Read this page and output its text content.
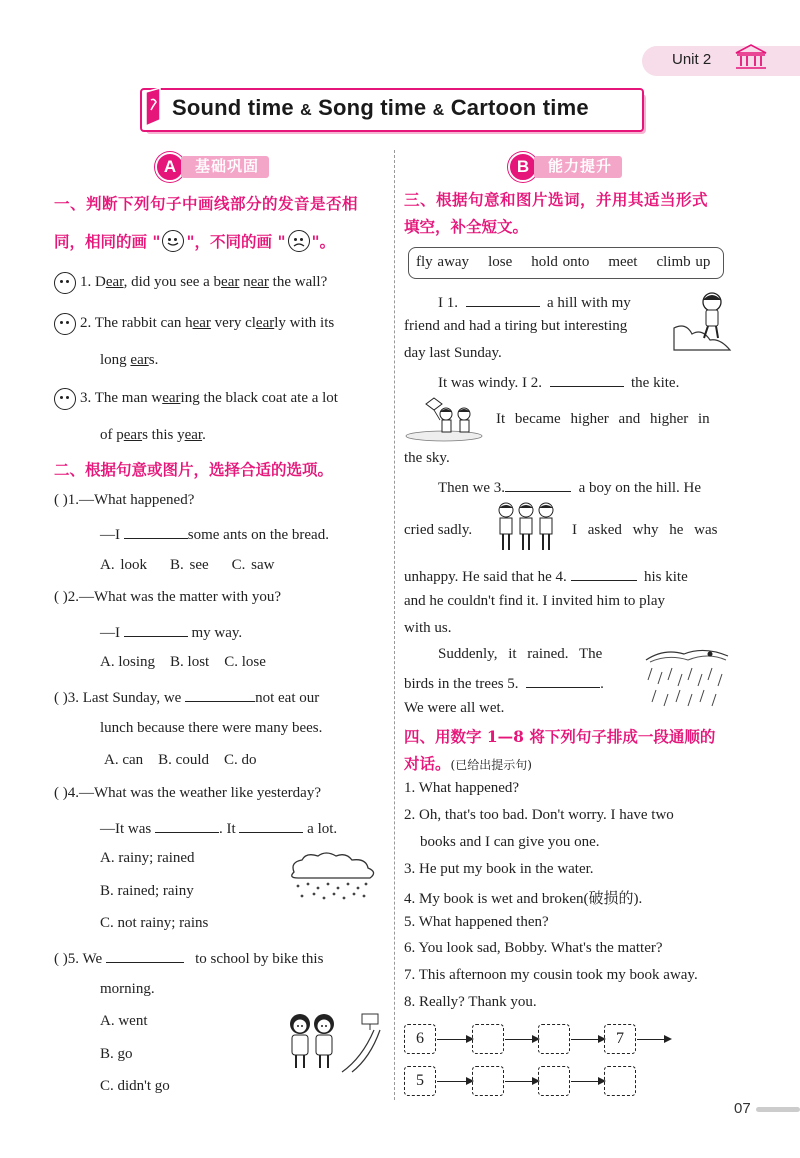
Unit 2
Sound time & Song time & Cartoon time
A	基础巩固
一、判断下列句子中画线部分的发音是否相
同，相同的画 " "，不同的画 " "。
1. Dear, did you see a bear near the wall?
2. The rabbit can hear very clearly with its
long ears.
3. The man wearing the black coat ate a lot
of pears this year.
二、根据句意或图片，选择合适的选项。
( )1.—What happened?
—I	some ants on the bread.
A. look B. see C. saw
( )2.—What was the matter with you?
—I	my way.
A. losing B. lost C. lose
( )3. Last Sunday, we	not eat our
lunch because there were many bees.
A. can B. could C. do
( )4.—What was the weather like yesterday?
—It was	. It	a lot.
A. rainy; rained
B. rained; rainy
C. not rainy; rains
( )5. We	to school by bike this
morning.
A. went
B. go
C. didn't go
B	能力提升
三、根据句意和图片选词，并用其适当形式
填空，补全短文。
fly away lose hold onto meet climb up
I 1.	a hill with my
friend and had a tiring but interesting
day last Sunday.
It was windy. I 2.	the kite.
It became higher and higher in
the sky.
Then we 3.	a boy on the hill. He
cried sadly.	I asked why he was
unhappy. He said that he 4.	his kite
and he couldn't find it. I invited him to play
with us.
Suddenly, it rained. The
birds in the trees 5.	.
We were all wet.
四、用数字 1—8 将下列句子排成一段通顺的
对话。(已给出提示句)
1. What happened?
2. Oh, that's too bad. Don't worry. I have two
books and I can give you one.
3. He put my book in the water.
4. My book is wet and broken(破损的).
5. What happened then?
6. You look sad, Bobby. What's the matter?
7. This afternoon my cousin took my book away.
8. Really? Thank you.
6	7
5
07
